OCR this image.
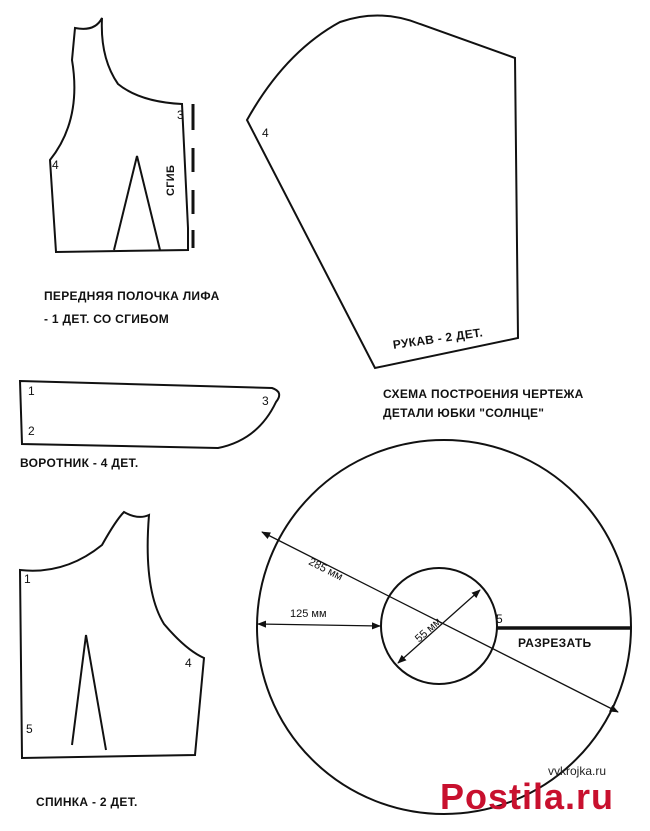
3
4	СГИБ
ПЕРЕДНЯЯ ПОЛОЧКА ЛИФА
- 1 ДЕТ. СО СГИБОМ
4
РУКАВ - 2 ДЕТ.
1
2
3
ВОРОТНИК - 4 ДЕТ.
СХЕМА ПОСТРОЕНИЯ ЧЕРТЕЖА
ДЕТАЛИ ЮБКИ "СОЛНЦЕ"
1
4
5
СПИНКА - 2 ДЕТ.
285 мм
125 мм
55 мм	5
РАЗРЕЗАТЬ
vykrojka.ru
Postila.ru
